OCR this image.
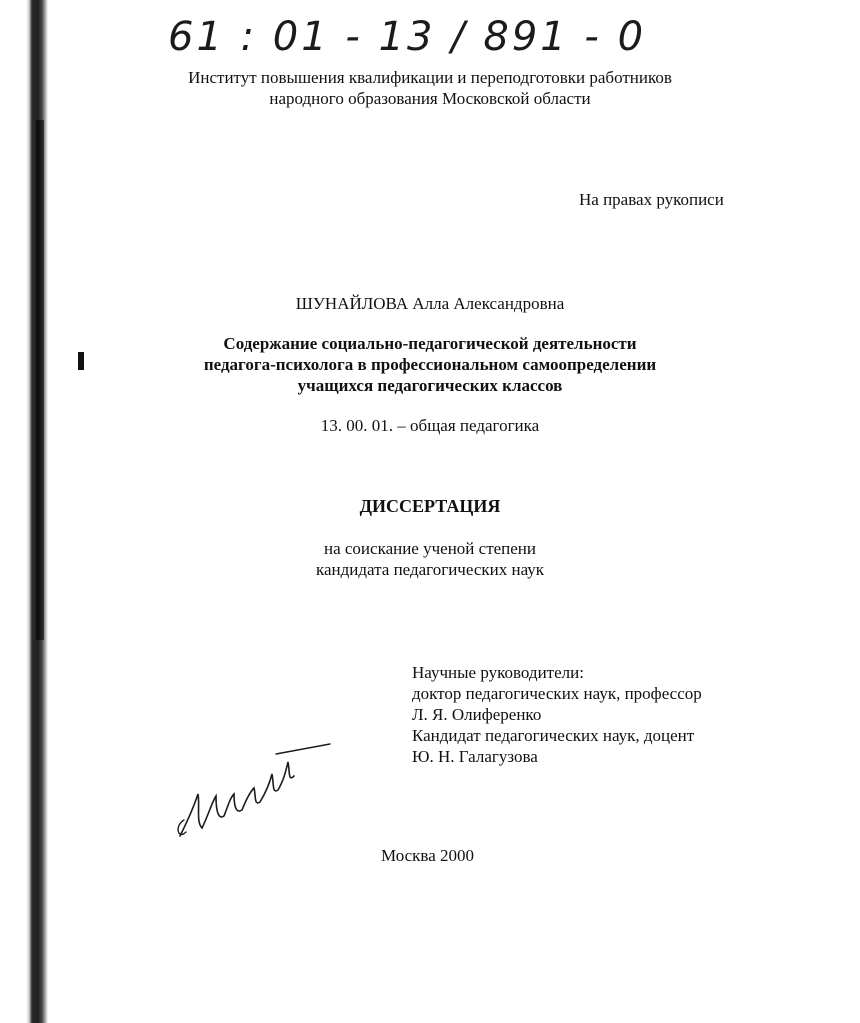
61 : 01 - 13 / 891 - 0
Институт повышения квалификации и переподготовки работников
народного образования Московской области
На правах рукописи
ШУНАЙЛОВА Алла Александровна
Содержание социально-педагогической деятельности
педагога-психолога в профессиональном самоопределении
учащихся педагогических классов
13. 00. 01. – общая педагогика
ДИССЕРТАЦИЯ
на соискание ученой степени
кандидата педагогических наук
Научные руководители:
доктор педагогических наук, профессор
Л. Я. Олиференко
Кандидат педагогических наук, доцент
Ю. Н. Галагузова
Москва 2000
